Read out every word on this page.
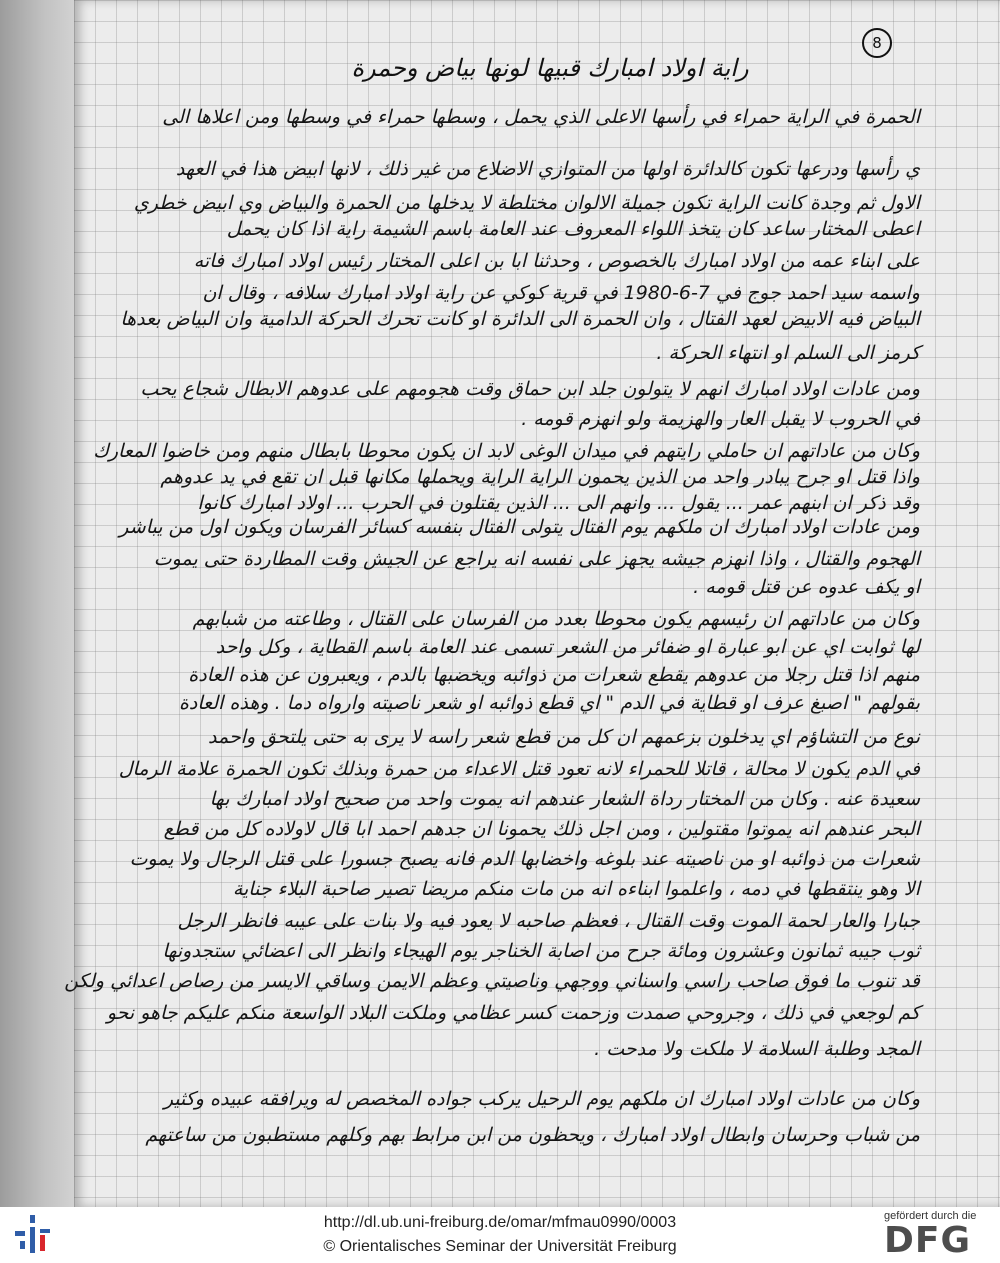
8
راية اولاد امبارك قبيها لونها بياض وحمرة
الحمرة في الراية حمراء في رأسها الاعلى الذي يحمل ، وسطها حمراء في وسطها ومن اعلاها الى
ي رأسها ودرعها تكون كالدائرة اولها من المتوازي الاضلاع من غير ذلك ، لانها ابيض هذا في العهد
الاول ثم وجدة كانت الراية تكون جميلة الالوان مختلطة لا يدخلها من الحمرة والبياض وي ابيض خطري
اعطى المختار ساعد كان يتخذ اللواء المعروف عند العامة باسم الشيمة راية اذا كان يحمل
على ابناء عمه من اولاد امبارك بالخصوص ، وحدثنا ابا بن اعلى المختار رئيس اولاد امبارك فاته
واسمه سيد احمد جوج في 7-6-1980 في قرية كوكي عن راية اولاد امبارك سلافه ، وقال ان
البياض فيه الابيض لعهد الفتال ، وان الحمرة الى الدائرة او كانت تحرك الحركة الدامية وان البياض بعدها
كرمز الى السلم او انتهاء الحركة .
ومن عادات اولاد امبارك انهم لا يتولون جلد ابن حماق وقت هجومهم على عدوهم الابطال شجاع يحب
في الحروب لا يقبل العار والهزيمة ولو انهزم قومه .
وكان من عاداتهم ان حاملي رايتهم في ميدان الوغى لابد ان يكون محوطا بابطال منهم ومن خاضوا المعارك
واذا قتل او جرح يبادر واحد من الذين يحمون الراية الراية ويحملها مكانها قبل ان تقع في يد عدوهم
وقد ذكر ان ابنهم عمر ... يقول ... وانهم الى ... الذين يقتلون في الحرب ... اولاد امبارك كانوا
ومن عادات اولاد امبارك ان ملكهم يوم الفتال يتولى الفتال بنفسه كسائر الفرسان ويكون اول من يباشر
الهجوم والقتال ، واذا انهزم جيشه يجهز على نفسه انه يراجع عن الجيش وقت المطاردة حتى يموت
او يكف عدوه عن قتل قومه .
وكان من عاداتهم ان رئيسهم يكون محوطا بعدد من الفرسان على القتال ، وطاعته من شبابهم
لها ثوابت اي عن ابو عبارة او ضفائر من الشعر تسمى عند العامة باسم القطاية ، وكل واحد
منهم اذا قتل رجلا من عدوهم يقطع شعرات من ذوائبه ويخضبها بالدم ، ويعبرون عن هذه العادة
بقولهم " اصبغ عرف او قطاية في الدم " اي قطع ذوائبه او شعر ناصيته وارواه دما . وهذه العادة
نوع من التشاؤم اي يدخلون بزعمهم ان كل من قطع شعر راسه لا يرى به حتى يلتحق واحمد
في الدم يكون لا محالة ، قاتلا للحمراء لانه تعود قتل الاعداء من حمرة وبذلك تكون الحمرة علامة الرمال
سعيدة عنه . وكان من المختار رداة الشعار عندهم انه يموت واحد من صحيح اولاد امبارك بها
البحر عندهم انه يموتوا مقتولين ، ومن اجل ذلك يحمونا ان جدهم احمد ابا قال لاولاده كل من قطع
شعرات من ذوائبه او من ناصيته عند بلوغه واخضابها الدم فانه يصبح جسورا على قتل الرجال ولا يموت
الا وهو ينتقطها في دمه ، واعلموا ابناءه انه من مات منكم مريضا تصير صاحبة البلاء جناية
جبارا والعار لحمة الموت وقت القتال ، فعظم صاحبه لا يعود فيه ولا بنات على عيبه فانظر الرجل
ثوب جيبه ثمانون وعشرون ومائة جرح من اصابة الخناجر يوم الهيجاء وانظر الى اعضائي ستجدونها
قد تنوب ما فوق صاحب راسي واسناني ووجهي وناصيتي وعظم الايمن وساقي الايسر من رصاص اعدائي ولكن
كم لوجعي في ذلك ، وجروحي صمدت وزحمت كسر عظامي وملكت البلاد الواسعة منكم عليكم جاهو نحو
المجد وطلبة السلامة لا ملكت ولا مدحت .
وكان من عادات اولاد امبارك ان ملكهم يوم الرحيل يركب جواده المخصص له ويرافقه عبيده وكثير
من شباب وحرسان وابطال اولاد امبارك ، ويحظون من ابن مرابط بهم وكلهم مستطبون من ساعتهم
http://dl.ub.uni-freiburg.de/omar/mfmau0990/0003
© Orientalisches Seminar der Universität Freiburg
gefördert durch die
DFG
